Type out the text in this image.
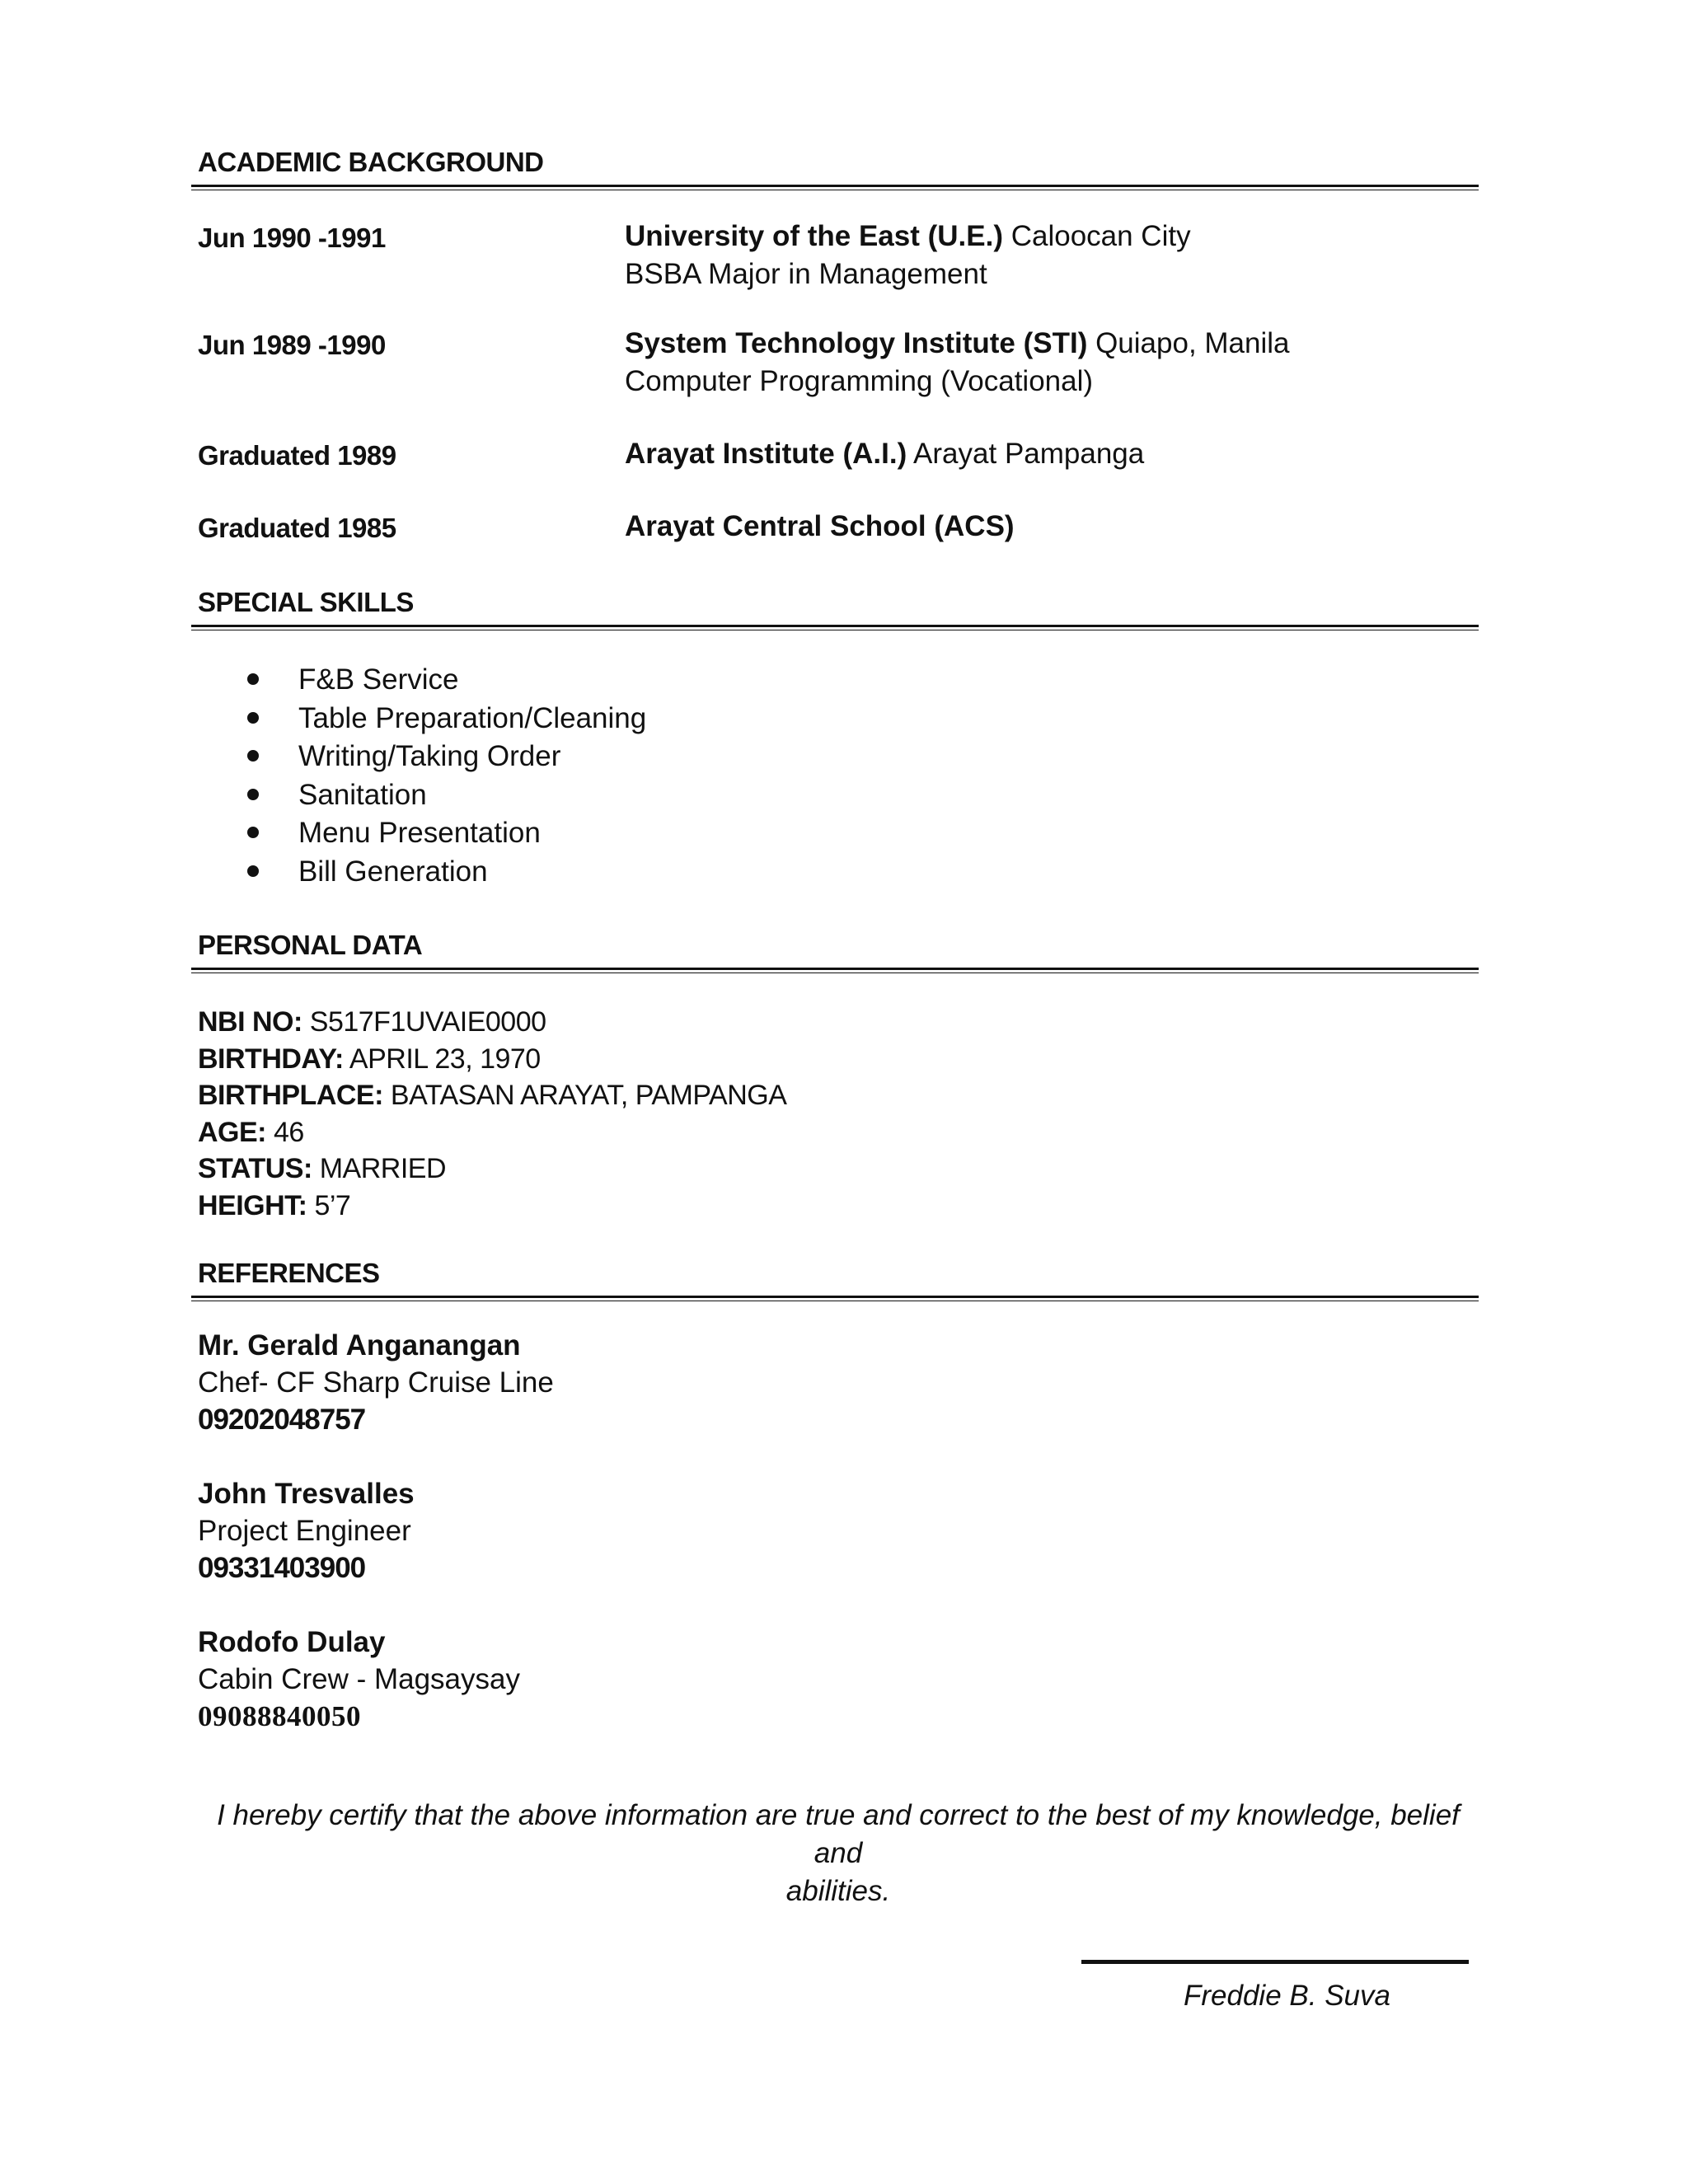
ACADEMIC BACKGROUND
Jun 1990 -1991	University of the East (U.E.) Caloocan City
BSBA Major in Management
Jun 1989 -1990	System Technology Institute (STI) Quiapo, Manila
Computer Programming (Vocational)
Graduated 1989	Arayat Institute (A.I.) Arayat Pampanga
Graduated 1985	Arayat Central School (ACS)
SPECIAL SKILLS
F&B Service
Table Preparation/Cleaning
Writing/Taking Order
Sanitation
Menu Presentation
Bill Generation
PERSONAL DATA
NBI NO: S517F1UVAIE0000
BIRTHDAY: APRIL 23, 1970
BIRTHPLACE: BATASAN ARAYAT, PAMPANGA
AGE: 46
STATUS: MARRIED
HEIGHT: 5’7
REFERENCES
Mr. Gerald Anganangan
Chef- CF Sharp Cruise Line
09202048757
John Tresvalles
Project Engineer
09331403900
Rodofo Dulay
Cabin Crew - Magsaysay
09088840050
I hereby certify that the above information are true and correct to the best of my knowledge, belief and
abilities.
Freddie B. Suva
